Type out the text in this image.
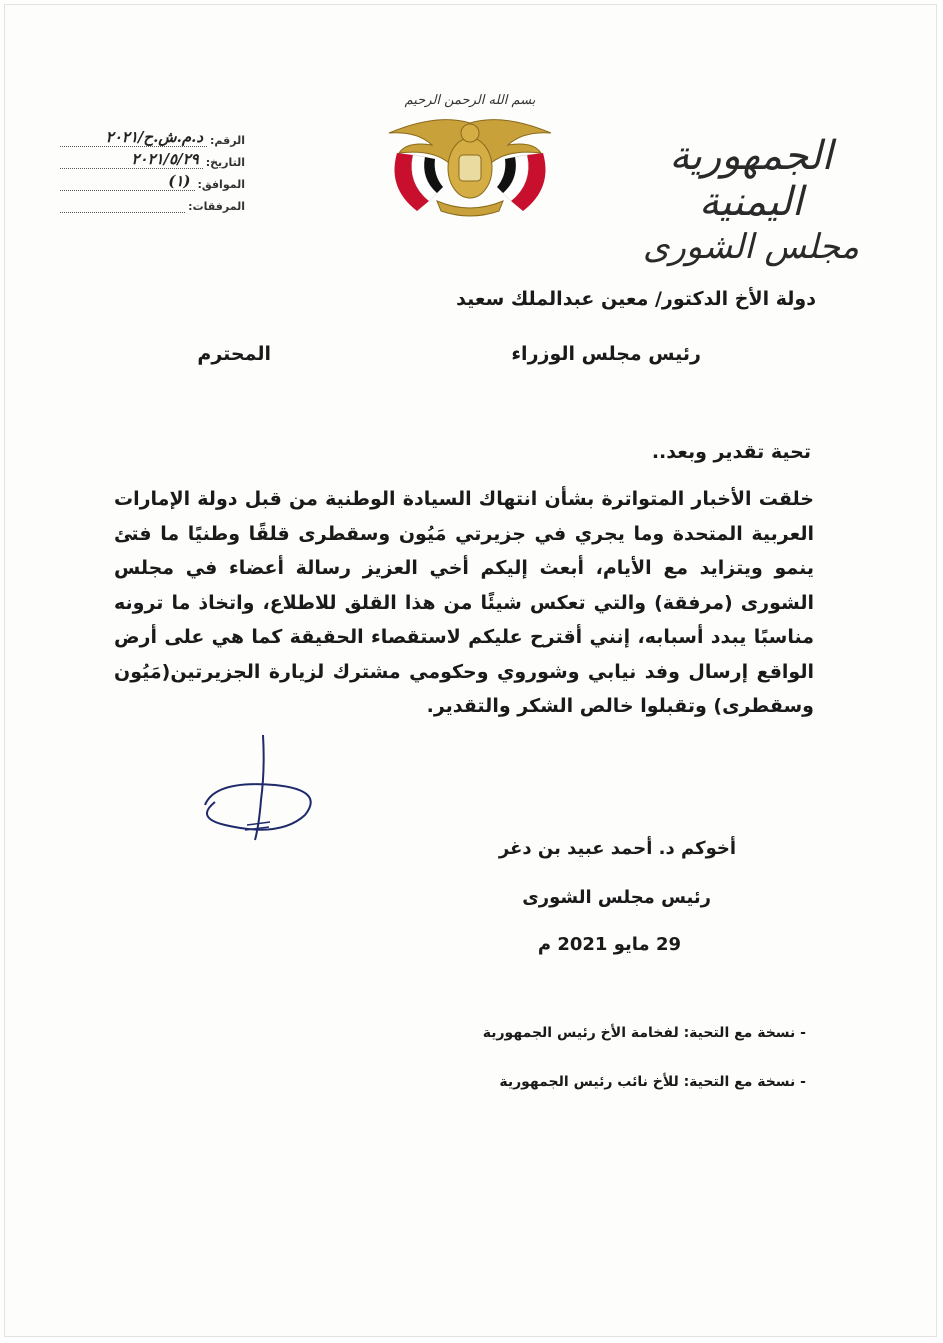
الجمهورية اليمنية
مجلس الشورى
بسم الله الرحمن الرحيم
الرقم:
د.م.ش.ح/٢٠٢١
التاريخ:
٢٠٢١/٥/٢٩
الموافق:
(١)
المرفقات:
دولة الأخ الدكتور/ معين عبدالملك سعيد
رئيس مجلس الوزراء
المحترم
تحية تقدير وبعد..
خلقت الأخبار المتواترة بشأن انتهاك السيادة الوطنية من قبل دولة الإمارات العربية المتحدة وما يجري في جزيرتي مَيُون وسقطرى قلقًا وطنيًا ما فتئ ينمو ويتزايد مع الأيام، أبعث إليكم أخي العزيز رسالة أعضاء في مجلس الشورى (مرفقة) والتي تعكس شيئًا من هذا القلق للاطلاع، واتخاذ ما ترونه مناسبًا يبدد أسبابه، إنني أقترح عليكم لاستقصاء الحقيقة كما هي على أرض الواقع إرسال وفد نيابي وشوروي وحكومي مشترك لزيارة الجزيرتين(مَيُون وسقطرى) وتقبلوا خالص الشكر والتقدير.
أخوكم د. أحمد عبيد بن دغر
رئيس مجلس الشورى
29 مايو 2021 م
- نسخة مع التحية: لفخامة الأخ رئيس الجمهورية
- نسخة مع التحية: للأخ نائب رئيس الجمهورية
